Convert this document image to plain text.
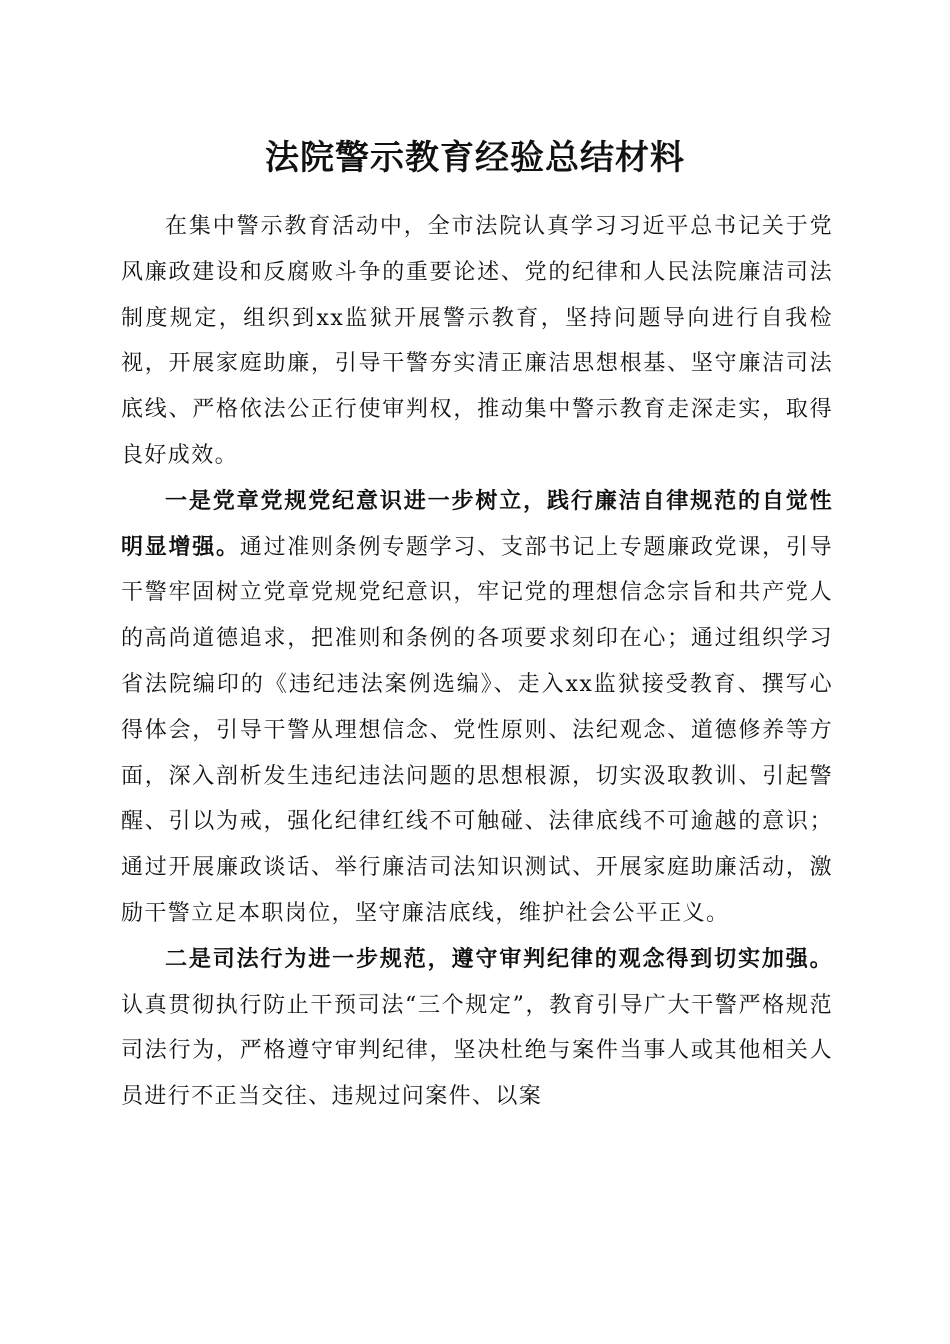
法院警示教育经验总结材料

在集中警示教育活动中，全市法院认真学习习近平总书记关于党风廉政建设和反腐败斗争的重要论述、党的纪律和人民法院廉洁司法制度规定，组织到xx监狱开展警示教育，坚持问题导向进行自我检视，开展家庭助廉，引导干警夯实清正廉洁思想根基、坚守廉洁司法底线、严格依法公正行使审判权，推动集中警示教育走深走实，取得良好成效。

一是党章党规党纪意识进一步树立，践行廉洁自律规范的自觉性明显增强。通过准则条例专题学习、支部书记上专题廉政党课，引导干警牢固树立党章党规党纪意识，牢记党的理想信念宗旨和共产党人的高尚道德追求，把准则和条例的各项要求刻印在心；通过组织学习省法院编印的《违纪违法案例选编》、走入xx监狱接受教育、撰写心得体会，引导干警从理想信念、党性原则、法纪观念、道德修养等方面，深入剖析发生违纪违法问题的思想根源，切实汲取教训、引起警醒、引以为戒，强化纪律红线不可触碰、法律底线不可逾越的意识；通过开展廉政谈话、举行廉洁司法知识测试、开展家庭助廉活动，激励干警立足本职岗位，坚守廉洁底线，维护社会公平正义。

二是司法行为进一步规范，遵守审判纪律的观念得到切实加强。认真贯彻执行防止干预司法“三个规定”，教育引导广大干警严格规范司法行为，严格遵守审判纪律，坚决杜绝与案件当事人或其他相关人员进行不正当交往、违规过问案件、以案
